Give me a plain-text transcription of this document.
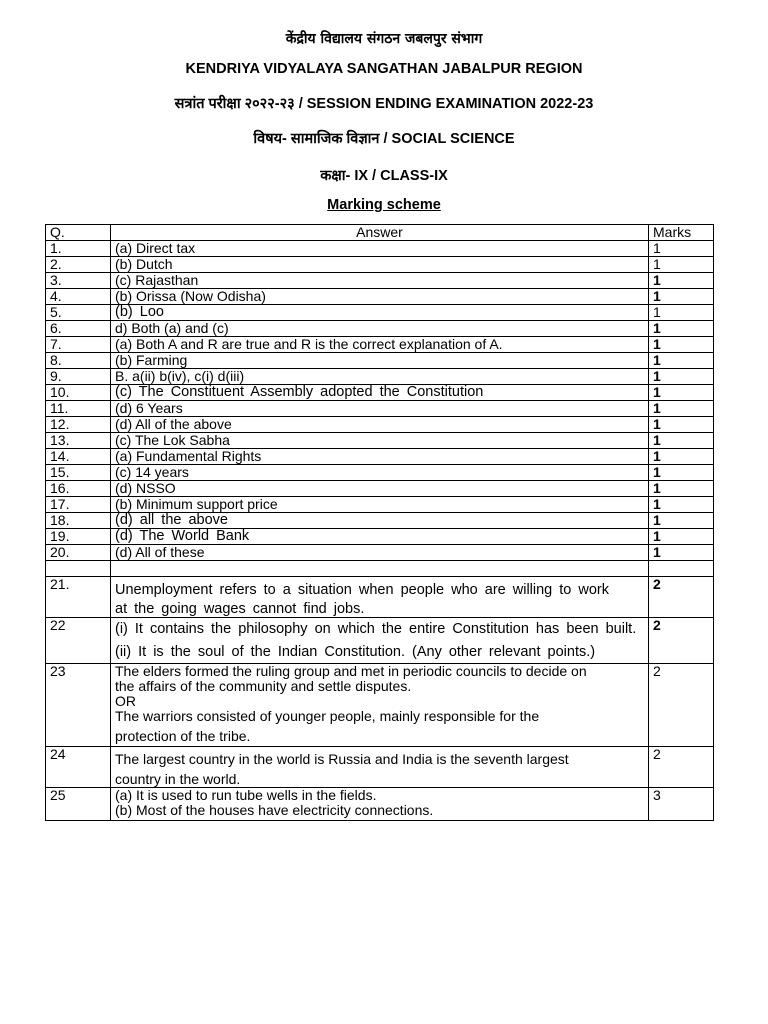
केंद्रीय विद्यालय संगठन जबलपुर संभाग
KENDRIYA VIDYALAYA SANGATHAN JABALPUR REGION
सत्रांत परीक्षा २०२२-२३ / SESSION ENDING EXAMINATION 2022-23
विषय- सामाजिक विज्ञान / SOCIAL SCIENCE
कक्षा- IX / CLASS-IX
Marking scheme
Q.	Answer	Marks
1.	(a) Direct tax	1
2.	(b) Dutch	1
3.	(c) Rajasthan	1
4.	(b) Orissa (Now Odisha)	1
5.	(b) Loo	1
6.	d) Both (a) and (c)	1
7.	(a) Both A and R are true and R is the correct explanation of A.	1
8.	(b) Farming	1
9.	B. a(ii) b(iv), c(i) d(iii)	1
10.	(c) The Constituent Assembly adopted the Constitution	1
11.	(d) 6 Years	1
12.	(d) All of the above	1
13.	(c) The Lok Sabha	1
14.	(a) Fundamental Rights	1
15.	(c) 14 years	1
16.	(d) NSSO	1
17.	(b) Minimum support price	1
18.	(d) all the above	1
19.	(d) The World Bank	1
20.	(d) All of these	1

21.	Unemployment refers to a situation when people who are willing to work

at the going wages cannot find jobs.	2
22	(i) It contains the philosophy on which the entire Constitution has been built.

(ii) It is the soul of the Indian Constitution. (Any other relevant points.)	2
23	The elders formed the ruling group and met in periodic councils to decide on

the affairs of the community and settle disputes.

OR

The warriors consisted of younger people, mainly responsible for the

protection of the tribe.	2
24	The largest country in the world is Russia and India is the seventh largest

country in the world.	2
25	(a) It is used to run tube wells in the fields.

(b) Most of the houses have electricity connections.	3
